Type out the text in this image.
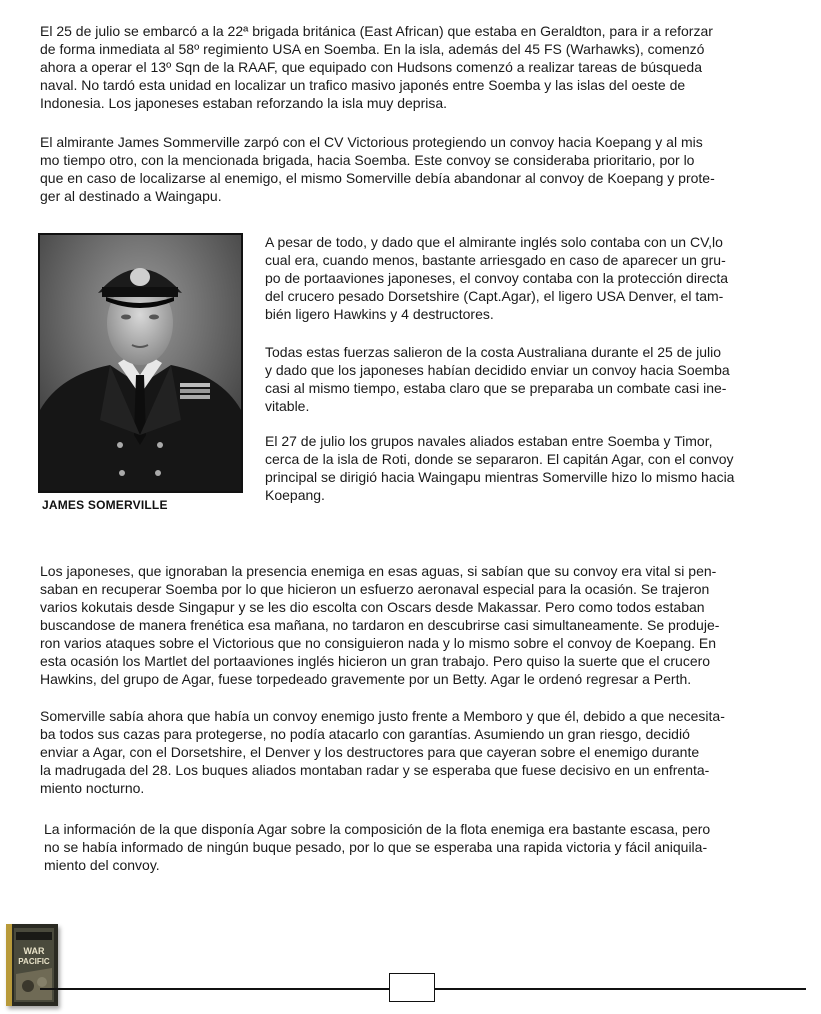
El 25 de julio se embarcó a la 22ª brigada británica (East African) que estaba en Geraldton, para ir a reforzar
de forma inmediata al 58º regimiento USA en Soemba. En la isla, además del 45 FS (Warhawks), comenzó
ahora a operar el 13º Sqn de la RAAF, que equipado con Hudsons comenzó a realizar tareas de búsqueda
naval. No tardó esta unidad en localizar un trafico masivo japonés entre Soemba y las islas del oeste de
Indonesia. Los japoneses estaban reforzando la isla muy deprisa.

El almirante James Sommerville zarpó con el CV Victorious protegiendo un convoy hacia Koepang y al mis
mo tiempo otro, con la mencionada brigada, hacia Soemba. Este convoy se consideraba prioritario, por lo
que en caso de localizarse al enemigo, el mismo Somerville debía abandonar al convoy de Koepang y prote-
ger al destinado a Waingapu.

JAMES SOMERVILLE

A pesar de todo, y dado que el almirante inglés solo contaba con un CV,lo
cual era, cuando menos, bastante arriesgado en caso de aparecer un gru-
po de portaaviones japoneses, el convoy contaba con la protección directa
del crucero pesado Dorsetshire (Capt.Agar), el ligero USA Denver, el tam-
bién ligero Hawkins y 4 destructores.

Todas estas fuerzas salieron de la costa Australiana durante el 25 de julio
y dado que los japoneses habían decidido enviar un convoy hacia Soemba
casi al mismo tiempo, estaba claro que se preparaba un combate casi ine-
vitable.

El 27 de julio los grupos navales aliados estaban entre Soemba y Timor,
cerca de la isla de Roti, donde se separaron. El capitán Agar, con el convoy
principal se dirigió hacia Waingapu mientras Somerville hizo lo mismo hacia
Koepang.

Los japoneses, que ignoraban la presencia enemiga en esas aguas, si sabían que su convoy era vital si pen-
saban en recuperar Soemba por lo que hicieron un esfuerzo aeronaval especial para la ocasión. Se trajeron
varios kokutais desde Singapur y se les dio escolta con Oscars desde Makassar. Pero como todos estaban
buscandose de manera frenética esa mañana, no tardaron en descubrirse casi simultaneamente. Se produje-
ron varios ataques sobre el Victorious que no consiguieron nada y lo mismo sobre el convoy de Koepang. En
esta ocasión los Martlet del portaaviones inglés hicieron un gran trabajo. Pero quiso la suerte que el crucero
Hawkins, del grupo de Agar, fuese torpedeado gravemente por un Betty. Agar le ordenó regresar a Perth.

Somerville sabía ahora que había un convoy enemigo justo frente a Memboro y que él, debido a que necesita-
ba todos sus cazas para protegerse, no podía atacarlo con garantías. Asumiendo un gran riesgo, decidió
enviar a Agar, con el Dorsetshire, el Denver y los destructores para que cayeran sobre el enemigo durante
la madrugada del 28. Los buques aliados montaban radar y se esperaba que fuese decisivo en un enfrenta-
miento nocturno.

La información de la que disponía Agar sobre la composición de la flota enemiga era bastante escasa, pero
no se había informado de ningún buque pesado, por lo que se esperaba una rapida victoria y fácil aniquila-
miento del convoy.

WAR
PACIFIC
